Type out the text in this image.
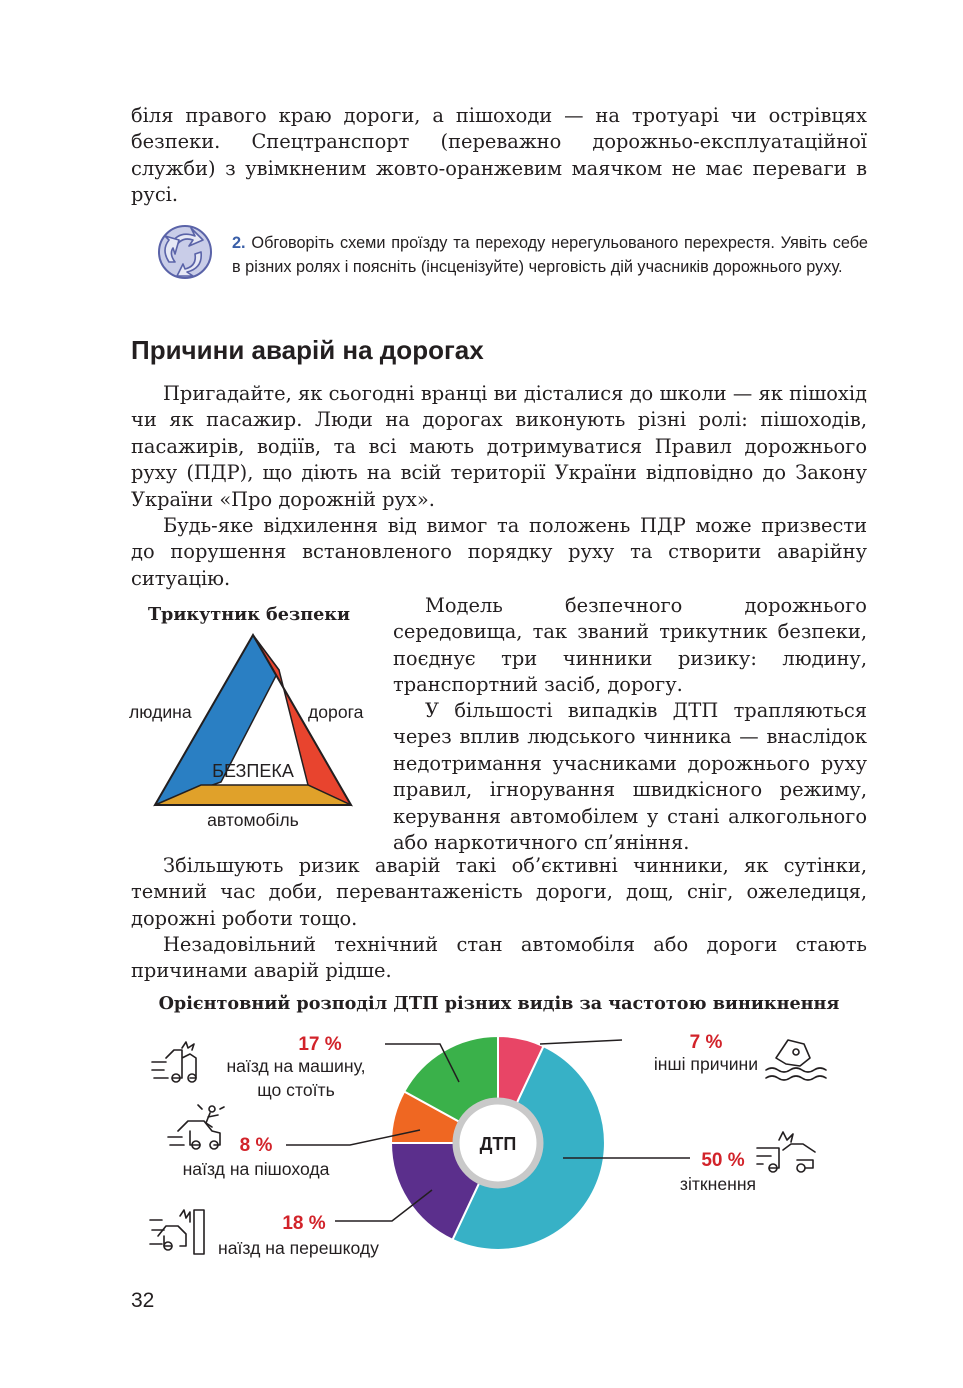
біля правого краю дороги, а пішоходи — на тротуарі чи острівцях безпеки. Спецтранспорт (переважно дорожньо-експлуатаційної служби) з увімкненим жовто-оранжевим маячком не має переваги в русі.
2. Обговоріть схеми проїзду та переходу нерегульованого перехрестя. Уявіть себе в різних ролях і поясніть (інсценізуйте) черговість дій учасників дорожнього руху.
Причини аварій на дорогах
Пригадайте, як сьогодні вранці ви дісталися до школи — як пішохід чи як пасажир. Люди на дорогах виконують різні ролі: пішоходів, пасажирів, водіїв, та всі мають дотримуватися Правил дорожнього руху (ПДР), що діють на всій території України відповідно до Закону України «Про дорожній рух».
Будь-яке відхилення від вимог та положень ПДР може призвести до порушення встановленого порядку руху та створити аварійну ситуацію.
Трикутник безпеки
людина	дорога
БЕЗПЕКА
автомобіль
Модель безпечного дорожнього середовища, так званий трикутник безпеки, поєднує три чинники ризику: людину, транспортний засіб, дорогу.
У більшості випадків ДТП трапляються через вплив людського чинника — внаслідок недотримання учасниками дорожнього руху правил, ігнорування швидкісного режиму, керування автомобілем у стані алкогольного або наркотичного сп’яніння.
Збільшують ризик аварій такі об’єктивні чинники, як сутінки, темний час доби, перевантаженість дороги, дощ, сніг, ожеледиця, дорожні роботи тощо.
Незадовільний технічний стан автомобіля або дороги стають причинами аварій рідше.
Орієнтовний розподіл ДТП різних видів за частотою виникнення
ДТП
17 %
наїзд на машину,
що стоїть
8 %
наїзд на пішохода
18 %
наїзд на перешкоду
7 %
інші причини
50 %
зіткнення
32
